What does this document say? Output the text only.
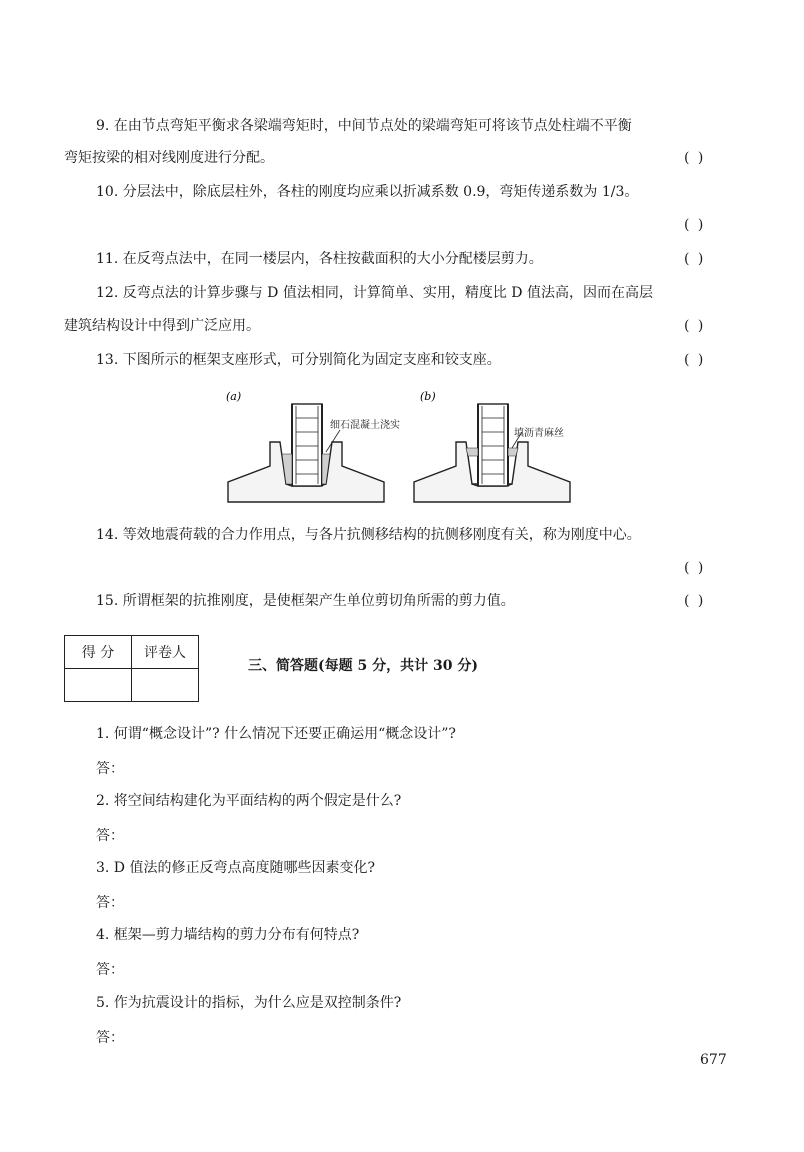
9. 在由节点弯矩平衡求各梁端弯矩时，中间节点处的梁端弯矩可将该节点处柱端不平衡
弯矩按梁的相对线刚度进行分配。	( )
10. 分层法中，除底层柱外，各柱的刚度均应乘以折减系数 0.9，弯矩传递系数为 1/3。
( )
11. 在反弯点法中，在同一楼层内，各柱按截面积的大小分配楼层剪力。	( )
12. 反弯点法的计算步骤与 D 值法相同，计算简单、实用，精度比 D 值法高，因而在高层
建筑结构设计中得到广泛应用。	( )
13. 下图所示的框架支座形式，可分别简化为固定支座和铰支座。	( )
(a)	(b)
细石混凝土浇实
填沥青麻丝
14. 等效地震荷载的合力作用点，与各片抗侧移结构的抗侧移刚度有关，称为刚度中心。
( )
15. 所谓框架的抗推刚度，是使框架产生单位剪切角所需的剪力值。	( )
得 分	评卷人

三、简答题(每题 5 分，共计 30 分)
1. 何谓“概念设计”? 什么情况下还要正确运用“概念设计”?
答：
2. 将空间结构建化为平面结构的两个假定是什么?
答：
3. D 值法的修正反弯点高度随哪些因素变化?
答：
4. 框架—剪力墙结构的剪力分布有何特点?
答：
5. 作为抗震设计的指标，为什么应是双控制条件?
答：
677
